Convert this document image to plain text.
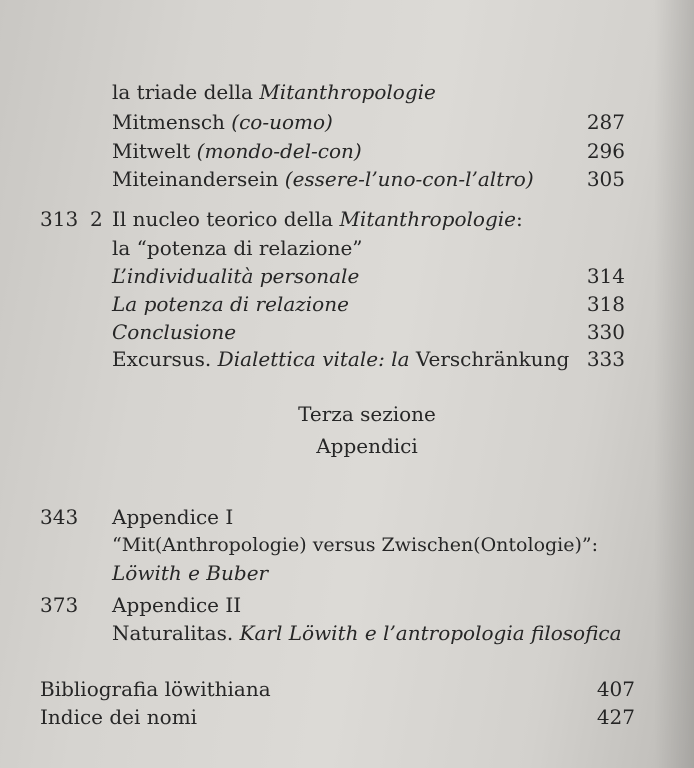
la triade della Mitanthropologie
Mitmensch (co-uomo)	287
Mitwelt (mondo-del-con)	296
Miteinandersein (essere-l’uno-con-l’altro)	305
313 2 Il nucleo teorico della Mitanthropologie:
la “potenza di relazione”
L’individualità personale	314
La potenza di relazione	318
Conclusione	330
Excursus. Dialettica vitale: la Verschränkung 333
Terza sezione
Appendici
343 Appendice I
“Mit(Anthropologie) versus Zwischen(Ontologie)”:
Löwith e Buber
373 Appendice II
Naturalitas. Karl Löwith e l’antropologia filosofica
Bibliografia löwithiana	407
Indice dei nomi	427
